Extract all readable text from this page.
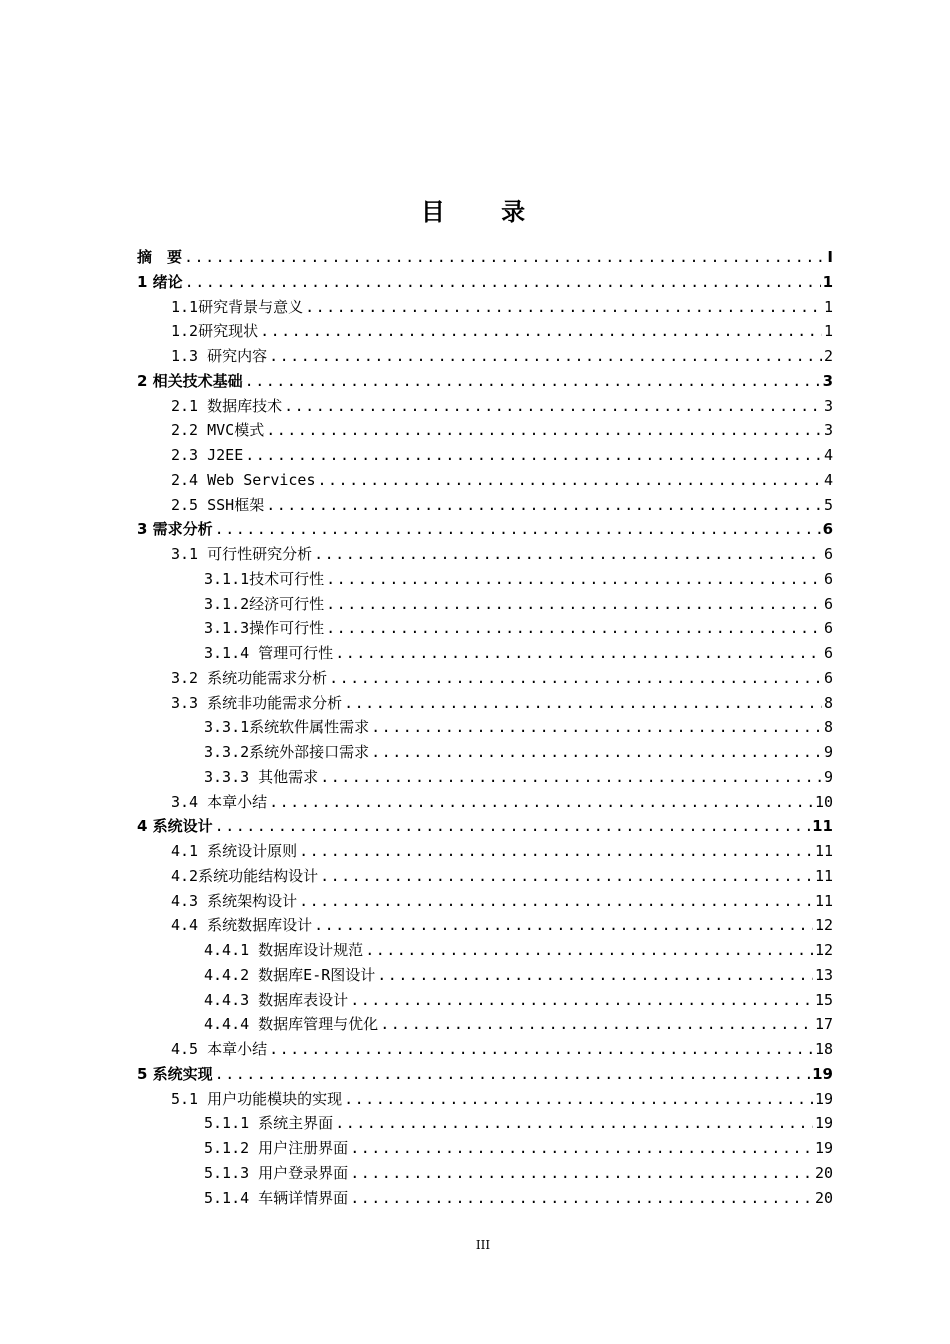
目 录
摘　要 .....	I
1 绪论 .....	1
1.1研究背景与意义 .....	1
1.2研究现状 .....	1
1.3 研究内容 .....	2
2 相关技术基础 .....	3
2.1 数据库技术 .....	3
2.2 MVC模式 .....	3
2.3 J2EE .....	4
2.4 Web Services .....	4
2.5 SSH框架 .....	5
3 需求分析 .....	6
3.1 可行性研究分析 .....	6
3.1.1技术可行性 .....	6
3.1.2经济可行性 .....	6
3.1.3操作可行性 .....	6
3.1.4 管理可行性 .....	6
3.2 系统功能需求分析 .....	6
3.3 系统非功能需求分析 .....	8
3.3.1系统软件属性需求 .....	8
3.3.2系统外部接口需求 .....	9
3.3.3 其他需求 .....	9
3.4 本章小结 .....	10
4 系统设计 .....	11
4.1 系统设计原则 .....	11
4.2系统功能结构设计 .....	11
4.3 系统架构设计 .....	11
4.4 系统数据库设计 .....	12
4.4.1 数据库设计规范 .....	12
4.4.2 数据库E-R图设计 .....	13
4.4.3 数据库表设计 .....	15
4.4.4 数据库管理与优化 .....	17
4.5 本章小结 .....	18
5 系统实现 .....	19
5.1 用户功能模块的实现 .....	19
5.1.1 系统主界面 .....	19
5.1.2 用户注册界面 .....	19
5.1.3 用户登录界面 .....	20
5.1.4 车辆详情界面 .....	20
III
